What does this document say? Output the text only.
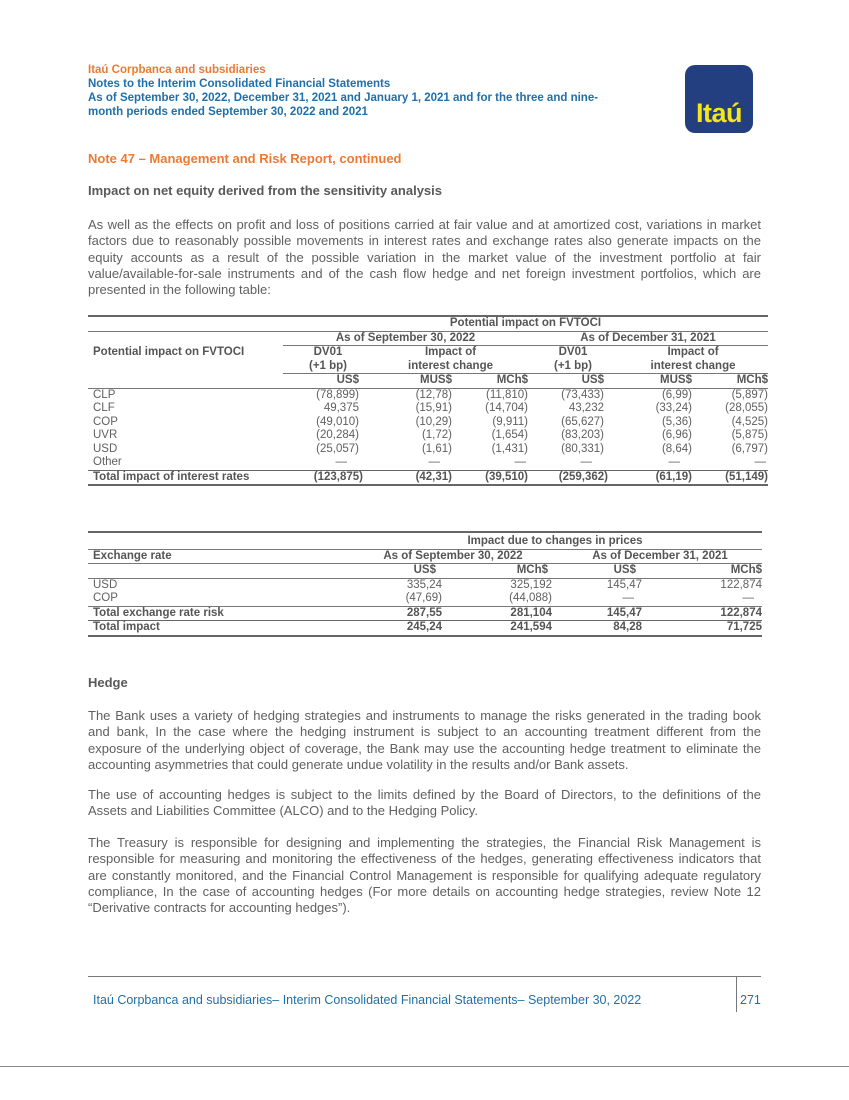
Itaú Corpbanca and subsidiaries
Notes to the Interim Consolidated Financial Statements
As of September 30, 2022, December 31, 2021 and January 1, 2021 and for the three and nine-
month periods ended September 30, 2022 and 2021	Itaú
Note 47 – Management and Risk Report, continued
Impact on net equity derived from the sensitivity analysis
As well as the effects on profit and loss of positions carried at fair value and at amortized cost, variations in market factors due to reasonably possible movements in interest rates and exchange rates also generate impacts on the equity accounts as a result of the possible variation in the market value of the investment portfolio at fair value/available-for-sale instruments and of the cash flow hedge and net foreign investment portfolios, which are presented in the following table:
	Potential impact on FVTOCI					
Potential impact on FVTOCI	As of September 30, 2022			As of December 31, 2021		
	DV01	Impact of		DV01	Impact of	
	(+1 bp)	interest change		(+1 bp)	interest change	
	US$	MUS$	MCh$	US$	MUS$	MCh$
CLP	(78,899)	(12,78)	(11,810)	(73,433)	(6,99)	(5,897)
CLF	49,375	(15,91)	(14,704)	43,232	(33,24)	(28,055)
COP	(49,010)	(10,29)	(9,911)	(65,627)	(5,36)	(4,525)
UVR	(20,284)	(1,72)	(1,654)	(83,203)	(6,96)	(5,875)
USD	(25,057)	(1,61)	(1,431)	(80,331)	(8,64)	(6,797)
Other	—	—	—	—	—	—
Total impact of interest rates	(123,875)	(42,31)	(39,510)	(259,362)	(61,19)	(51,149)
	Impact due to changes in prices			
Exchange rate	As of September 30, 2022		As of December 31, 2021	
	US$	MCh$	US$	MCh$
USD	335,24	325,192	145,47	122,874
COP	(47,69)	(44,088)	—	—
Total exchange rate risk	287,55	281,104	145,47	122,874
Total impact	245,24	241,594	84,28	71,725
Hedge
The Bank uses a variety of hedging strategies and instruments to manage the risks generated in the trading book and bank, In the case where the hedging instrument is subject to an accounting treatment different from the exposure of the underlying object of coverage, the Bank may use the accounting hedge treatment to eliminate the accounting asymmetries that could generate undue volatility in the results and/or Bank assets.
The use of accounting hedges is subject to the limits defined by the Board of Directors, to the definitions of the Assets and Liabilities Committee (ALCO) and to the Hedging Policy.
The Treasury is responsible for designing and implementing the strategies, the Financial Risk Management is responsible for measuring and monitoring the effectiveness of the hedges, generating effectiveness indicators that are constantly monitored, and the Financial Control Management is responsible for qualifying adequate regulatory compliance, In the case of accounting hedges (For more details on accounting hedge strategies, review Note 12 “Derivative contracts for accounting hedges”).
Itaú Corpbanca and subsidiaries– Interim Consolidated Financial Statements– September 30, 2022	271
